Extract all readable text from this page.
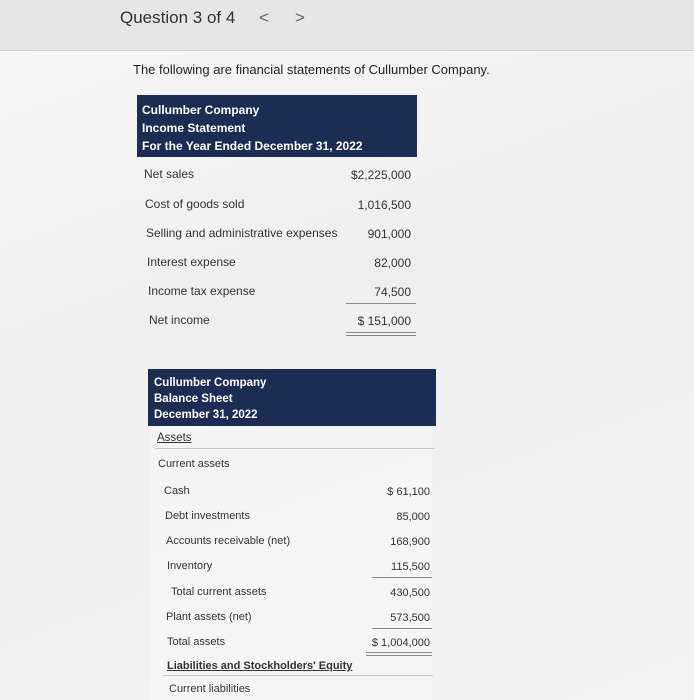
Question 3 of 4 < >
The following are financial statements of Cullumber Company.
Cullumber Company
Income Statement
For the Year Ended December 31, 2022
Net sales	$2,225,000
Cost of goods sold	1,016,500
Selling and administrative expenses	901,000
Interest expense	82,000
Income tax expense	74,500
Net income	$ 151,000
Cullumber Company
Balance Sheet
December 31, 2022
Assets
Current assets
Cash	$ 61,100
Debt investments	85,000
Accounts receivable (net)	168,900
Inventory	115,500
Total current assets	430,500
Plant assets (net)	573,500
Total assets	$ 1,004,000
Liabilities and Stockholders' Equity
Current liabilities
